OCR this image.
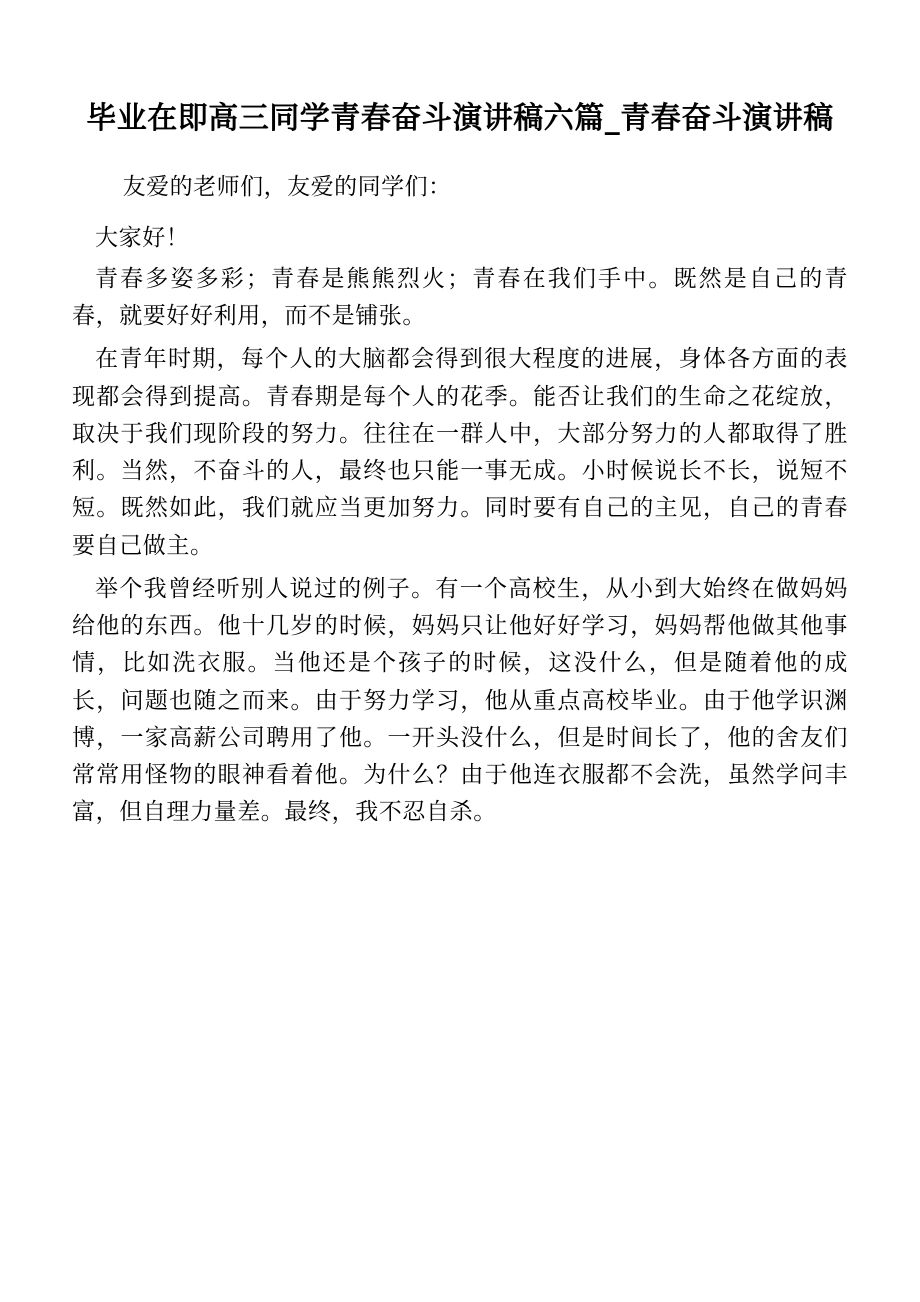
毕业在即高三同学青春奋斗演讲稿六篇_青春奋斗演讲稿

友爱的老师们，友爱的同学们：

大家好！

青春多姿多彩；青春是熊熊烈火；青春在我们手中。既然是自己的青春，就要好好利用，而不是铺张。

在青年时期，每个人的大脑都会得到很大程度的进展，身体各方面的表现都会得到提高。青春期是每个人的花季。能否让我们的生命之花绽放，取决于我们现阶段的努力。往往在一群人中，大部分努力的人都取得了胜利。当然，不奋斗的人，最终也只能一事无成。小时候说长不长，说短不短。既然如此，我们就应当更加努力。同时要有自己的主见，自己的青春要自己做主。

举个我曾经听别人说过的例子。有一个高校生，从小到大始终在做妈妈给他的东西。他十几岁的时候，妈妈只让他好好学习，妈妈帮他做其他事情，比如洗衣服。当他还是个孩子的时候，这没什么，但是随着他的成长，问题也随之而来。由于努力学习，他从重点高校毕业。由于他学识渊博，一家高薪公司聘用了他。一开头没什么，但是时间长了，他的舍友们常常用怪物的眼神看着他。为什么？由于他连衣服都不会洗，虽然学问丰富，但自理力量差。最终，我不忍自杀。
